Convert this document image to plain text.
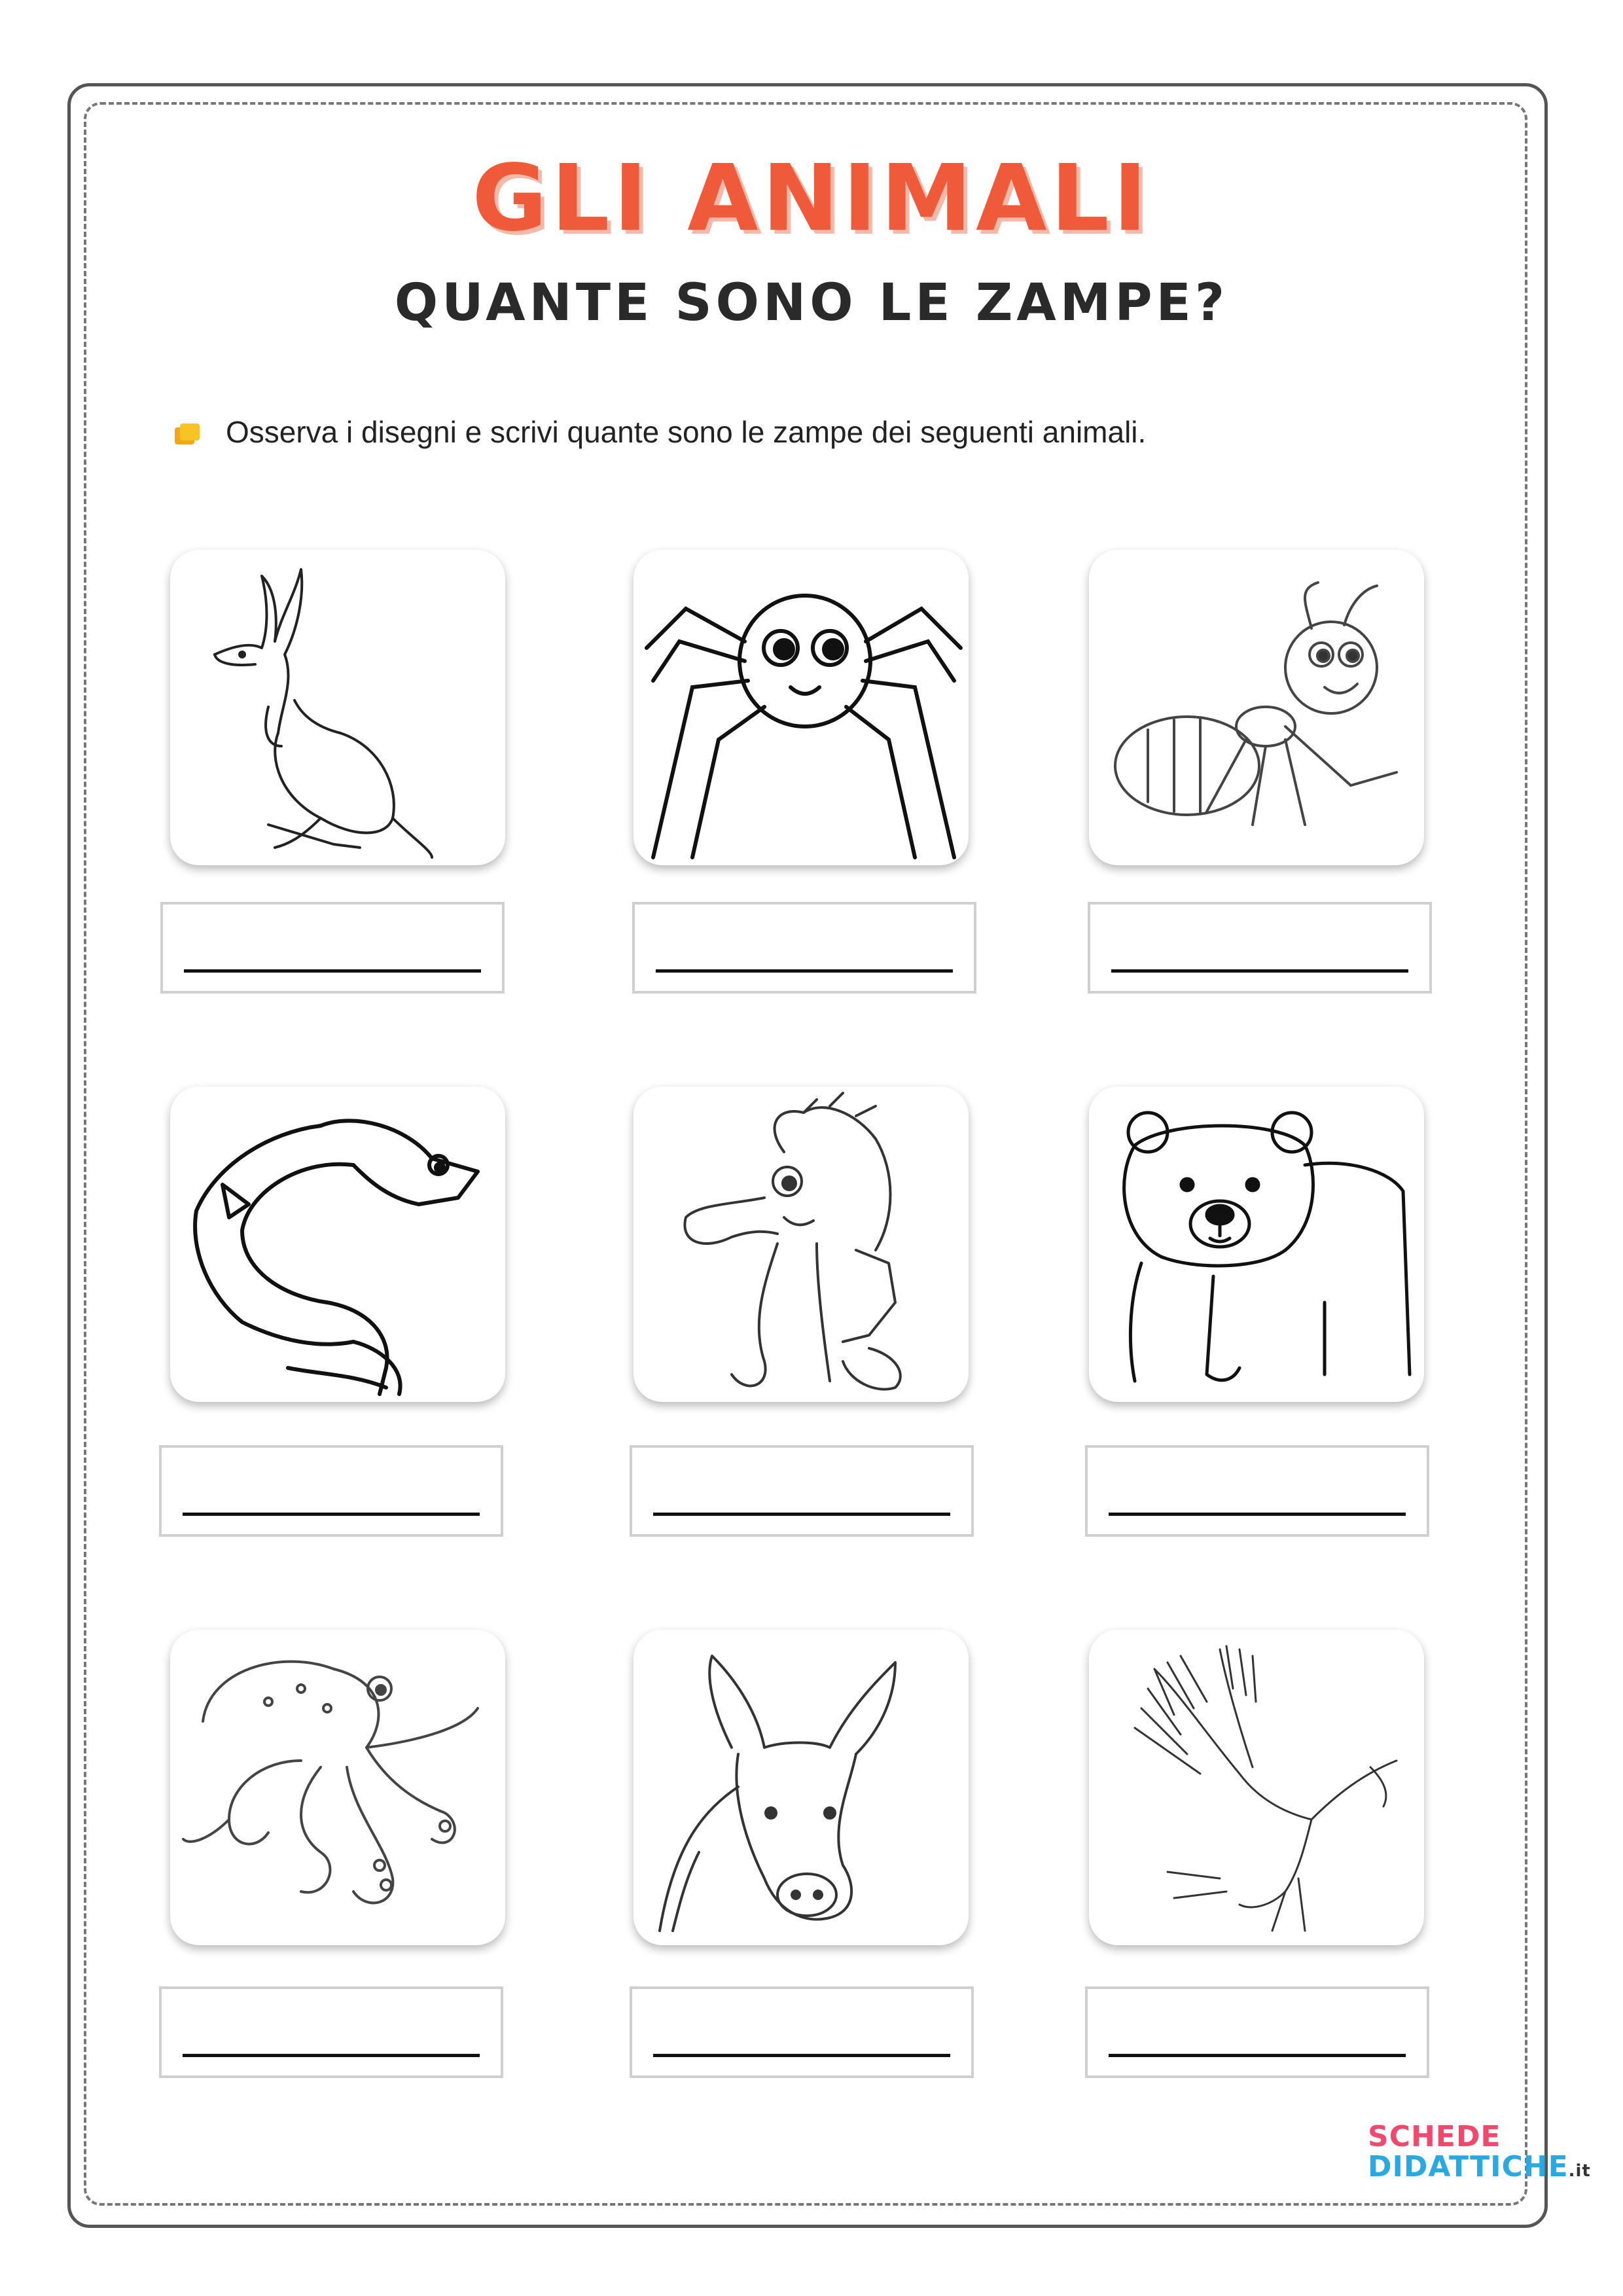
GLI ANIMALI
QUANTE SONO LE ZAMPE?
Osserva i disegni e scrivi quante sono le zampe dei seguenti animali.
SCHEDE
DIDATTICHE.it
